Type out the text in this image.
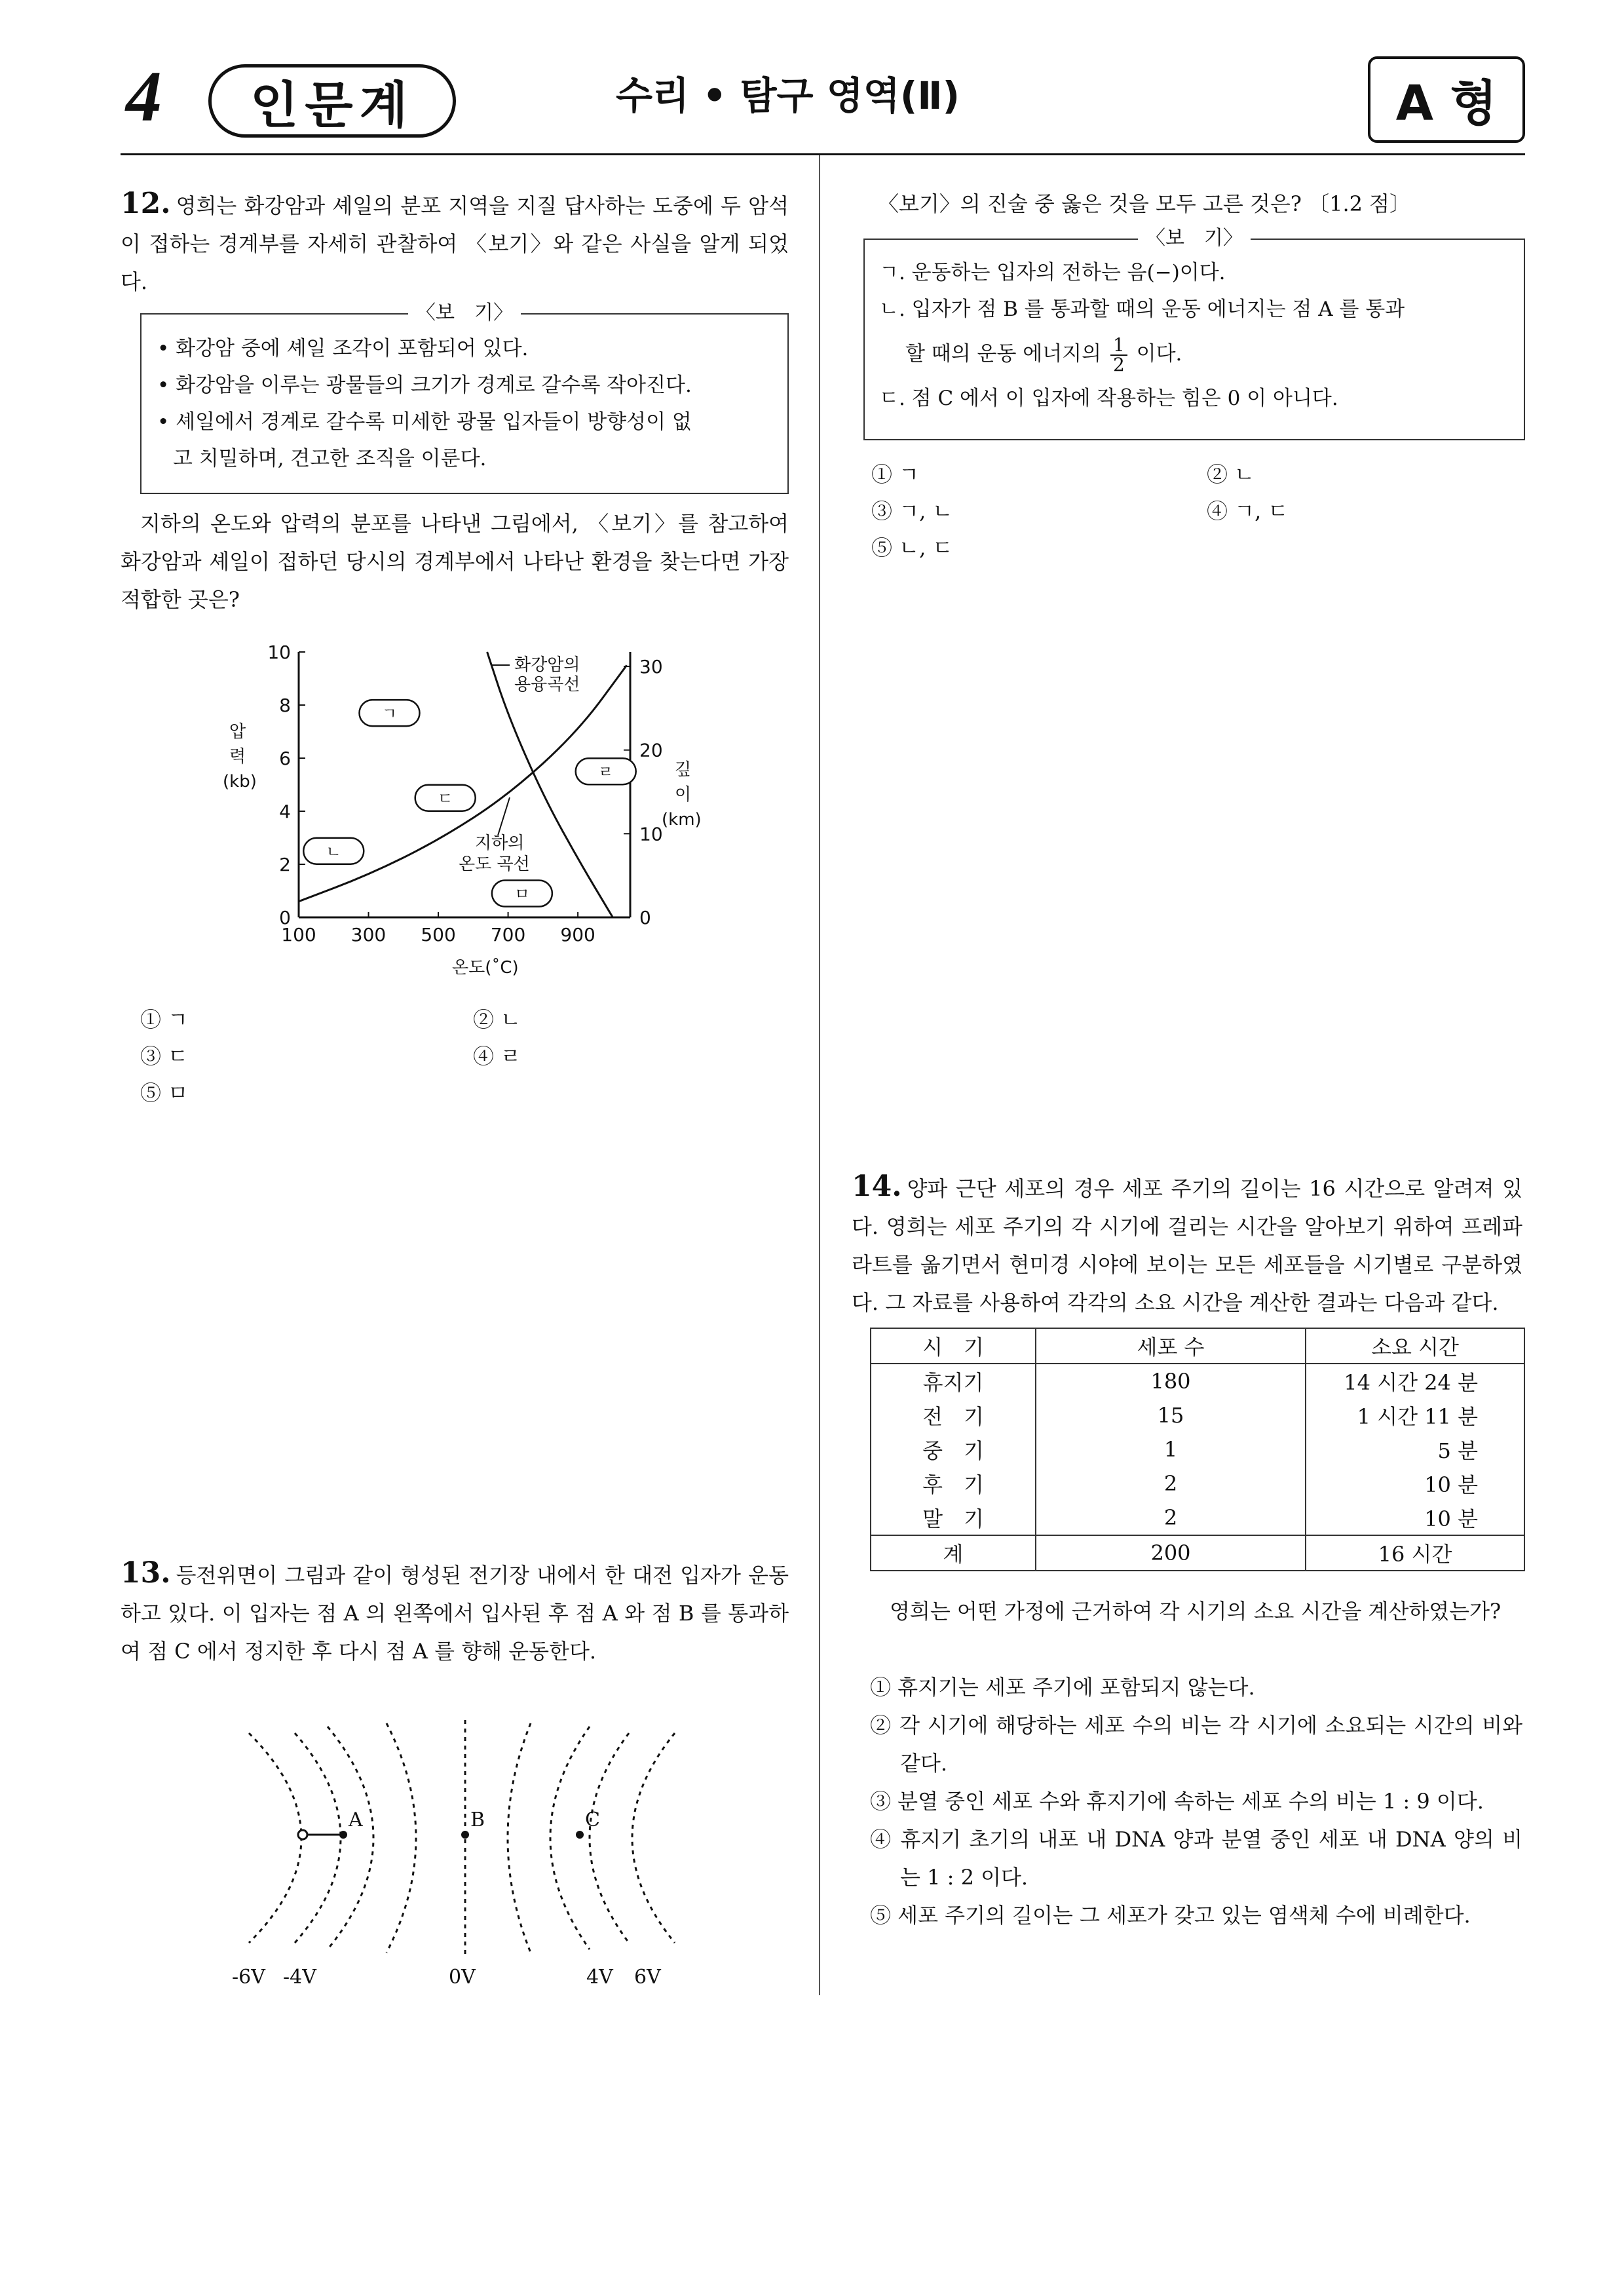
4	인문계	수리 • 탐구 영역(Ⅱ)	A 형
12. 영희는 화강암과 셰일의 분포 지역을 지질 답사하는 도중에 두 암석이 접하는 경계부를 자세히 관찰하여 〈보기〉와 같은 사실을 알게 되었다.
〈보　기〉
• 화강암 중에 셰일 조각이 포함되어 있다.
• 화강암을 이루는 광물들의 크기가 경계로 갈수록 작아진다.
• 셰일에서 경계로 갈수록 미세한 광물 입자들이 방향성이 없
고 치밀하며, 견고한 조직을 이룬다.
지하의 온도와 압력의 분포를 나타낸 그림에서, 〈보기〉를 참고하여 화강암과 셰일이 접하던 당시의 경계부에서 나타난 환경을 찾는다면 가장 적합한 곳은?
100 300 500 700 900
0
2
4
6
8
10
0
10
20
30
ㄱ
ㄴ
ㄷ
ㄹ
ㅁ
압
력
(kb)
깊
이
(km)
온도(˚C)
화강암의
용융곡선
지하의
온도 곡선
① ㄱ	② ㄴ
③ ㄷ	④ ㄹ
⑤ ㅁ
13. 등전위면이 그림과 같이 형성된 전기장 내에서 한 대전 입자가 운동하고 있다. 이 입자는 점 A 의 왼쪽에서 입사된 후 점 A 와 점 B 를 통과하여 점 C 에서 정지한 후 다시 점 A 를 향해 운동한다.
A	B	C
-6V -4V	0V	4V 6V
〈보기〉의 진술 중 옳은 것을 모두 고른 것은? 〔1.2 점〕
〈보　기〉
ㄱ. 운동하는 입자의 전하는 음(−)이다.
ㄴ. 입자가 점 B 를 통과할 때의 운동 에너지는 점 A 를 통과
할 때의 운동 에너지의 $\frac{1}{2}$ 이다.
ㄷ. 점 C 에서 이 입자에 작용하는 힘은 0 이 아니다.
① ㄱ	② ㄴ
③ ㄱ, ㄴ	④ ㄱ, ㄷ
⑤ ㄴ, ㄷ
14. 양파 근단 세포의 경우 세포 주기의 길이는 16 시간으로 알려져 있다. 영희는 세포 주기의 각 시기에 걸리는 시간을 알아보기 위하여 프레파라트를 옮기면서 현미경 시야에 보이는 모든 세포들을 시기별로 구분하였다. 그 자료를 사용하여 각각의 소요 시간을 계산한 결과는 다음과 같다.
시　기	세포 수	소요 시간
휴지기	180	14 시간 24 분
전　기	15	1 시간 11 분
중　기	1	5 분
후　기	2	10 분
말　기	2	10 분
계	200	16 시간
영희는 어떤 가정에 근거하여 각 시기의 소요 시간을 계산하였는가?
① 휴지기는 세포 주기에 포함되지 않는다.
② 각 시기에 해당하는 세포 수의 비는 각 시기에 소요되는 시간의 비와 같다.
③ 분열 중인 세포 수와 휴지기에 속하는 세포 수의 비는 1 : 9 이다.
④ 휴지기 초기의 내포 내 DNA 양과 분열 중인 세포 내 DNA 양의 비는 1 : 2 이다.
⑤ 세포 주기의 길이는 그 세포가 갖고 있는 염색체 수에 비례한다.
